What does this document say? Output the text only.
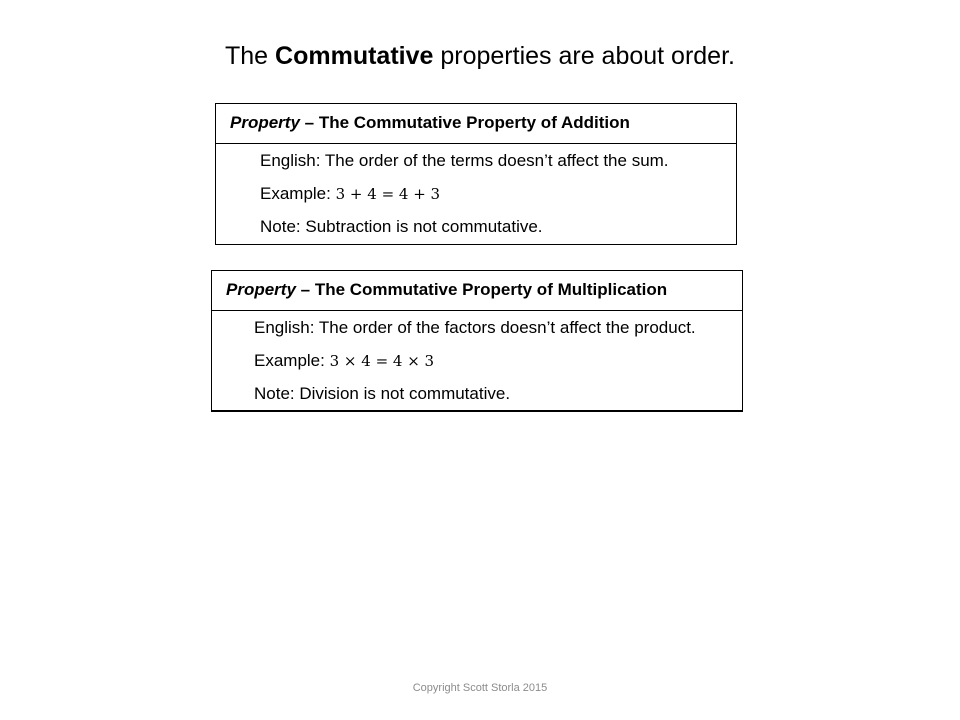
The Commutative properties are about order.
Property – The Commutative Property of Addition
English: The order of the terms doesn’t affect the sum.
Example: 3 + 4 = 4 + 3
Note: Subtraction is not commutative.
Property – The Commutative Property of Multiplication
English: The order of the factors doesn’t affect the product.
Example: 3 × 4 = 4 × 3
Note: Division is not commutative.
Copyright Scott Storla 2015
